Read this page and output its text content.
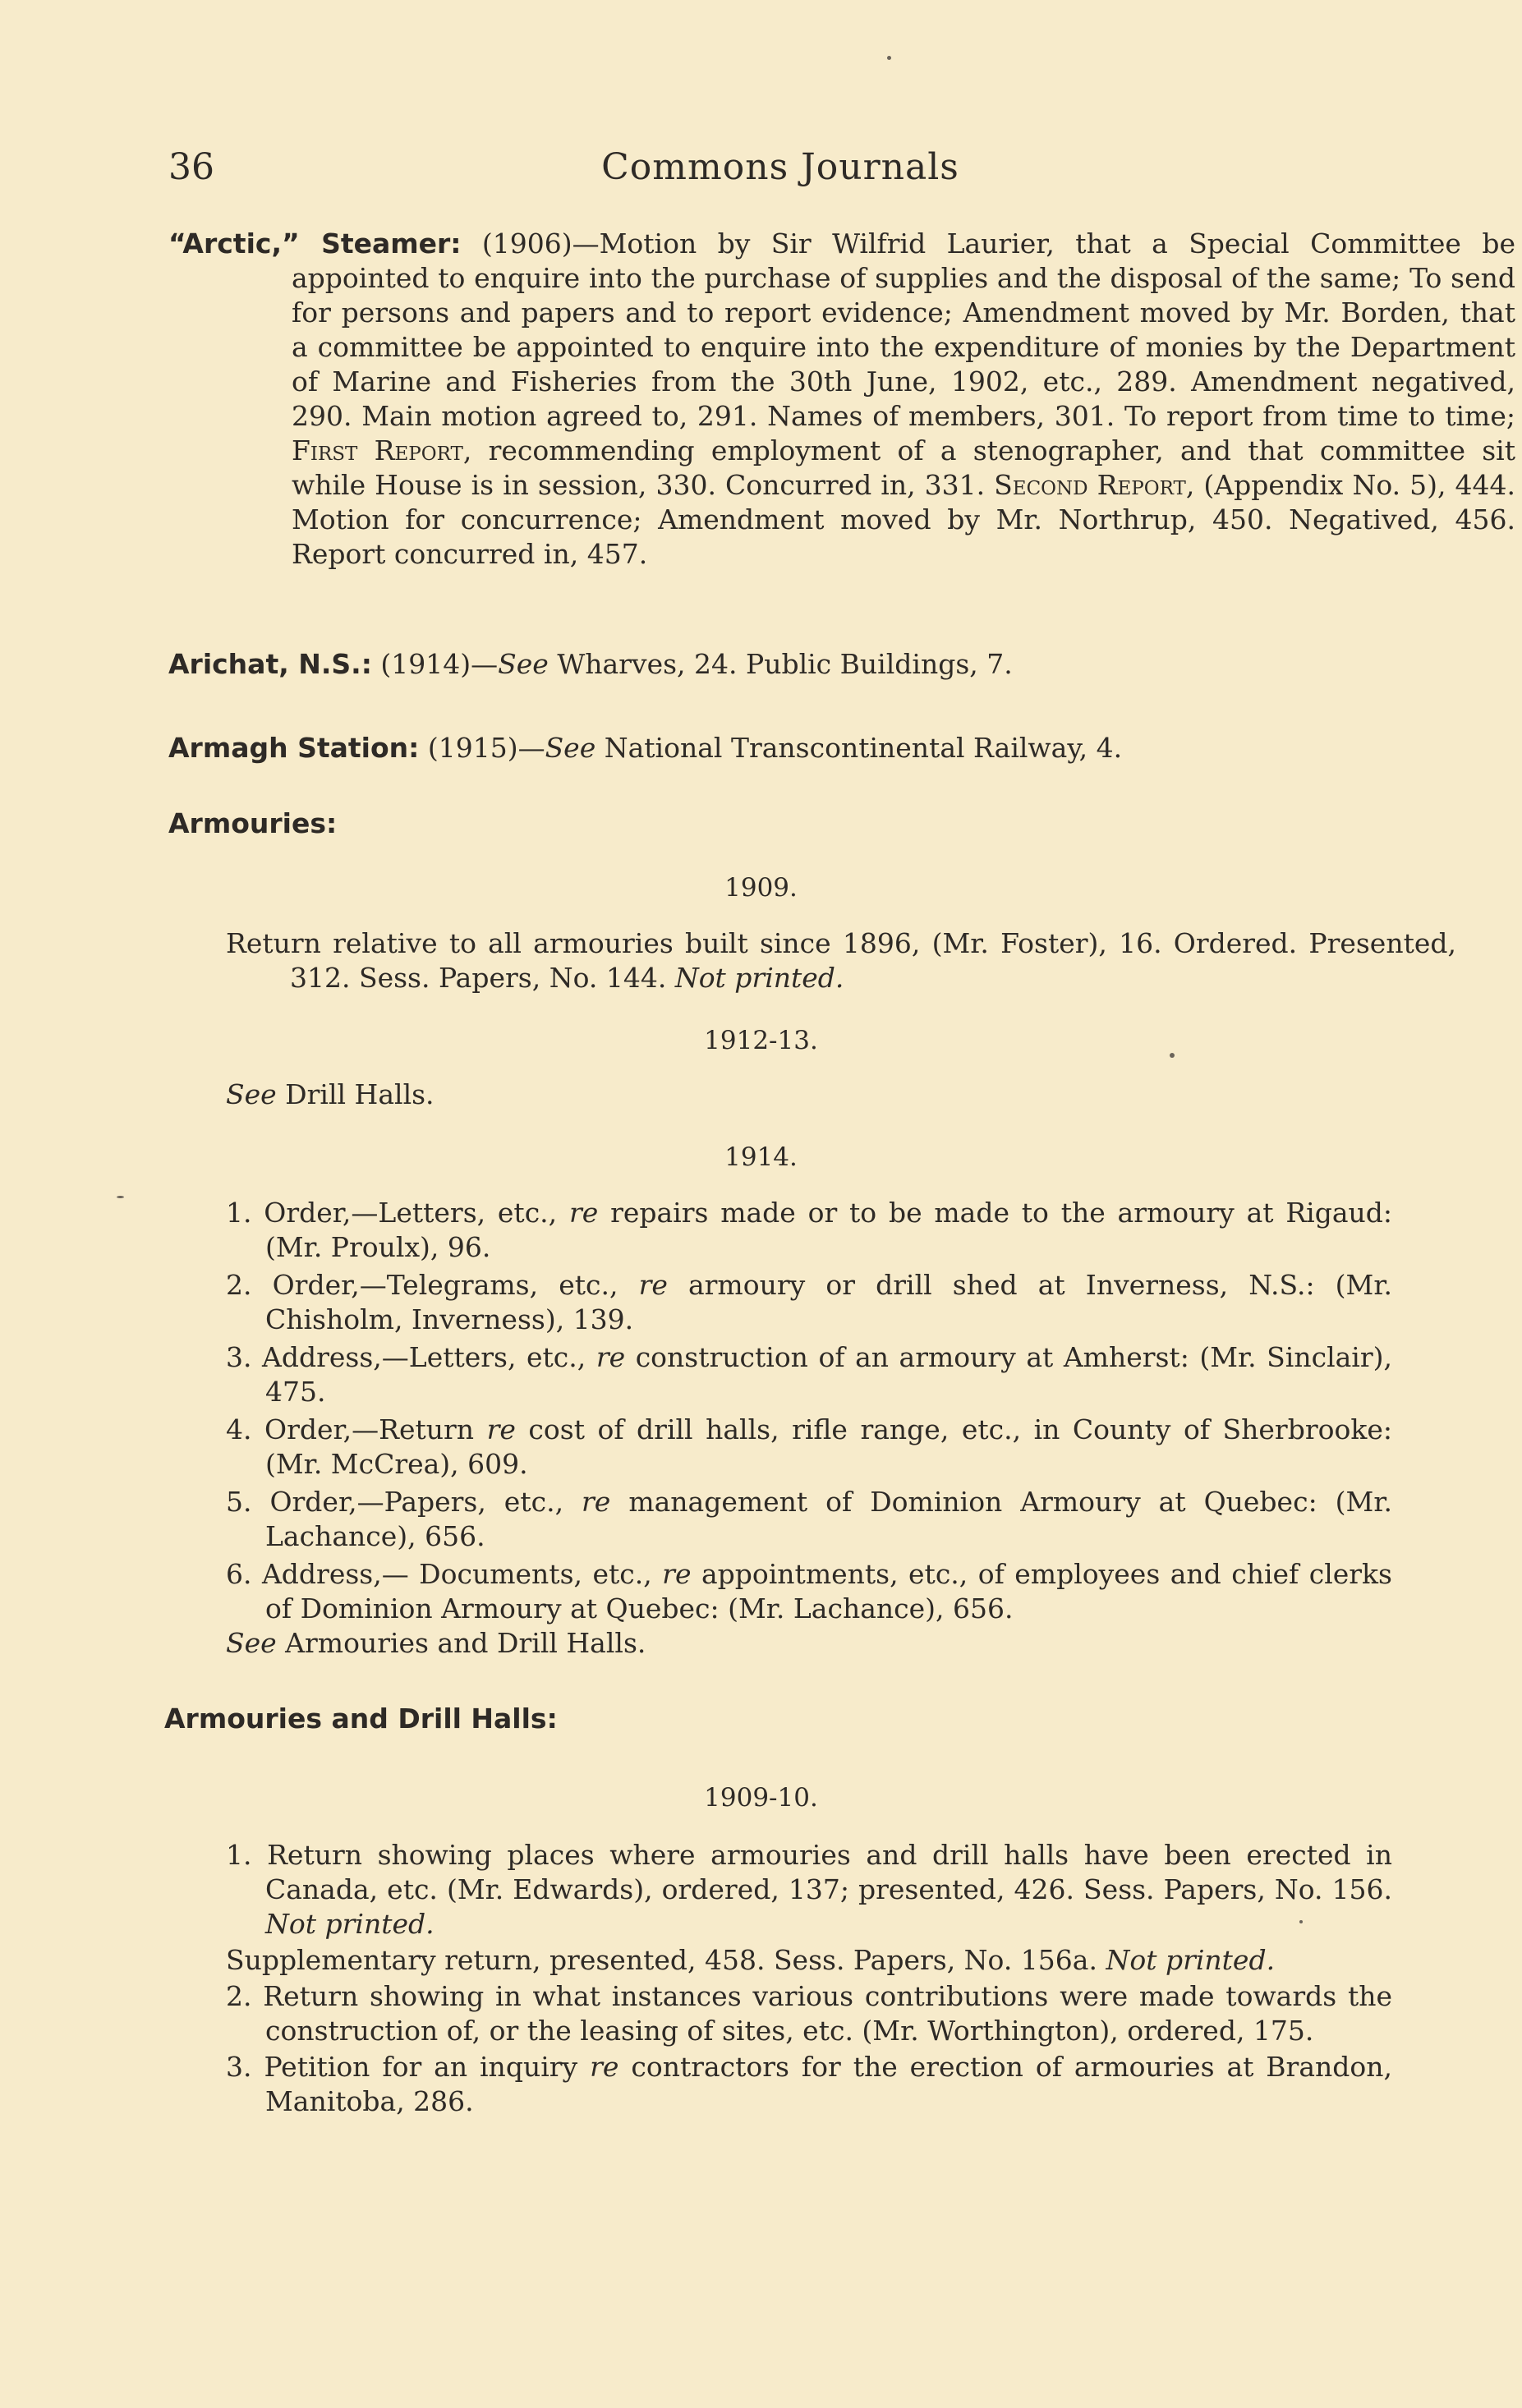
36	Commons Journals
“Arctic,” Steamer: (1906)—Motion by Sir Wilfrid Laurier, that a Special Committee be appointed to enquire into the purchase of supplies and the disposal of the same; To send for persons and papers and to report evidence; Amendment moved by Mr. Borden, that a committee be appointed to enquire into the expenditure of monies by the Department of Marine and Fisheries from the 30th June, 1902, etc., 289. Amendment negatived, 290. Main motion agreed to, 291. Names of members, 301. To report from time to time; First Report, recommending employment of a stenographer, and that committee sit while House is in session, 330. Concurred in, 331. Second Report, (Appendix No. 5), 444. Motion for concurrence; Amendment moved by Mr. Northrup, 450. Negatived, 456. Report concurred in, 457.
Arichat, N.S.: (1914)—See Wharves, 24. Public Buildings, 7.
Armagh Station: (1915)—See National Transcontinental Railway, 4.
Armouries:
1909.
Return relative to all armouries built since 1896, (Mr. Foster), 16. Ordered. Presented, 312. Sess. Papers, No. 144. Not printed.
1912-13.
See Drill Halls.
1914.
1. Order,—Letters, etc., re repairs made or to be made to the armoury at Rigaud: (Mr. Proulx), 96.
2. Order,—Telegrams, etc., re armoury or drill shed at Inverness, N.S.: (Mr. Chisholm, Inverness), 139.
3. Address,—Letters, etc., re construction of an armoury at Amherst: (Mr. Sinclair), 475.
4. Order,—Return re cost of drill halls, rifle range, etc., in County of Sherbrooke: (Mr. McCrea), 609.
5. Order,—Papers, etc., re management of Dominion Armoury at Quebec: (Mr. Lachance), 656.
6. Address,— Documents, etc., re appointments, etc., of employees and chief clerks of Dominion Armoury at Quebec: (Mr. Lachance), 656.
See Armouries and Drill Halls.
Armouries and Drill Halls:
1909-10.
1. Return showing places where armouries and drill halls have been erected in Canada, etc. (Mr. Edwards), ordered, 137; presented, 426. Sess. Papers, No. 156. Not printed.
Supplementary return, presented, 458. Sess. Papers, No. 156a. Not printed.
2. Return showing in what instances various contributions were made towards the construction of, or the leasing of sites, etc. (Mr. Worthington), ordered, 175.
3. Petition for an inquiry re contractors for the erection of armouries at Brandon, Manitoba, 286.
